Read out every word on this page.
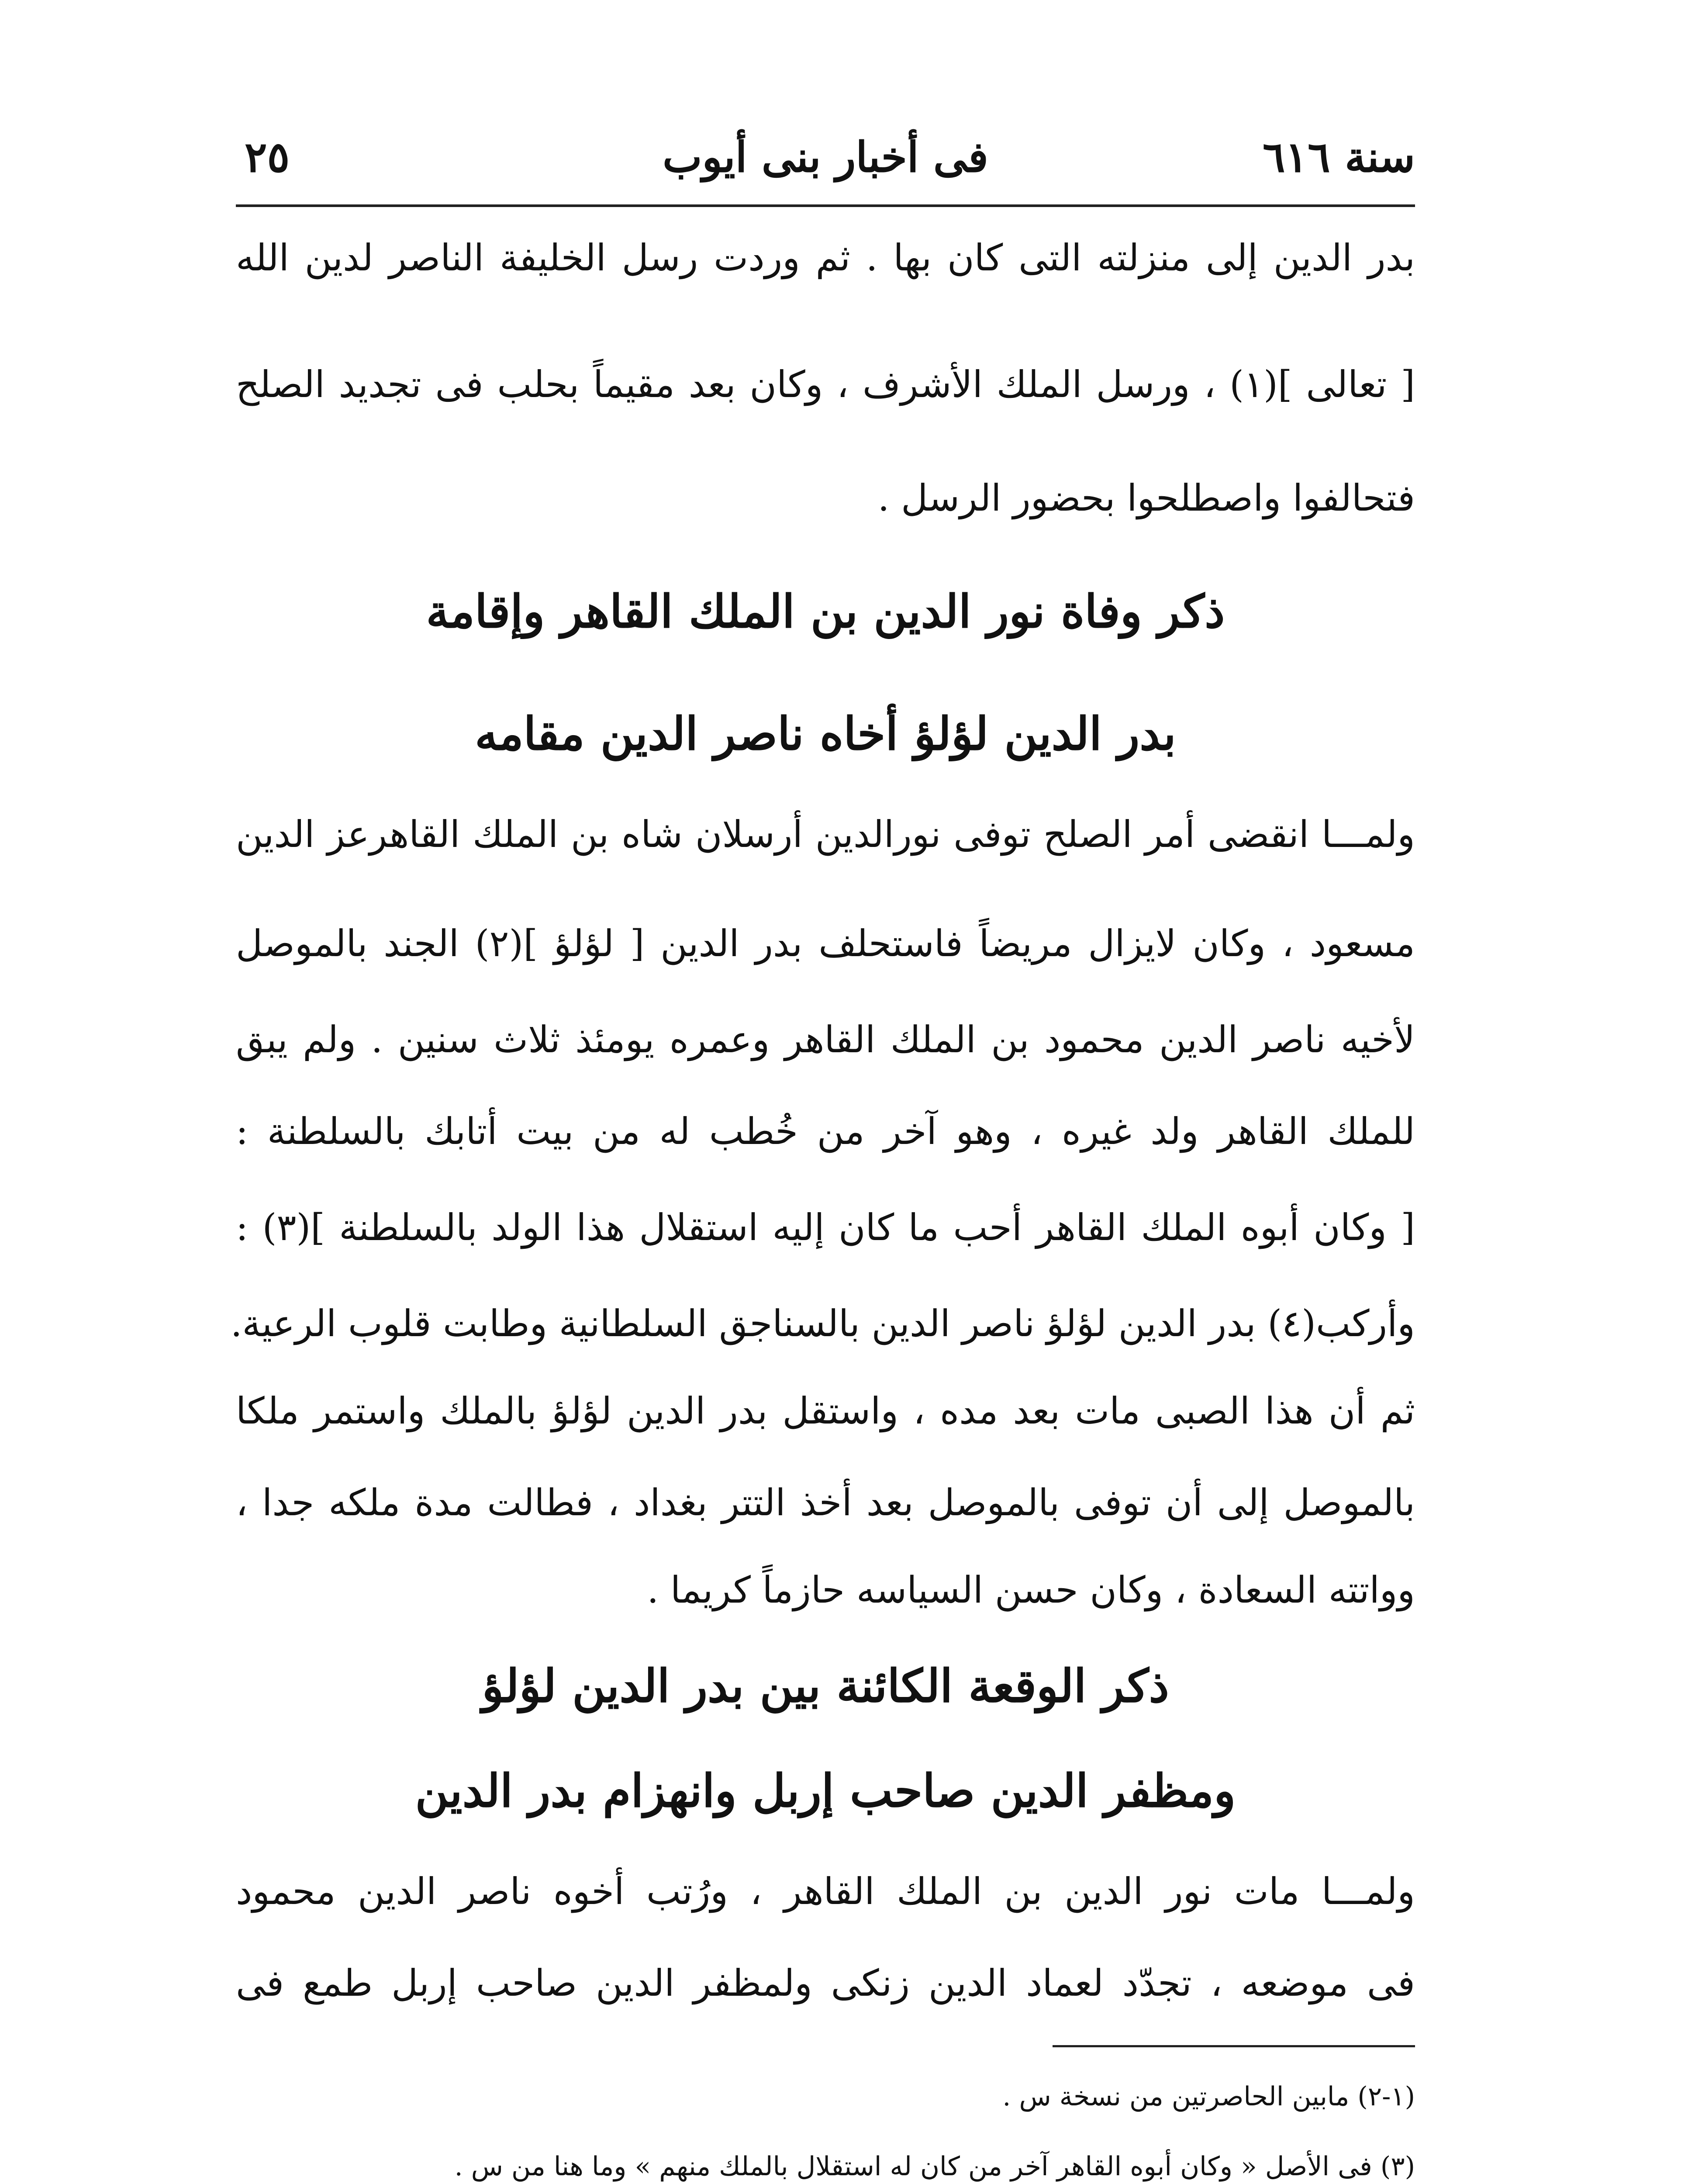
٢٥	فى أخبار بنى أيوب	سنة ٦١٦
بدر الدين إلى منزلته التى كان بها . ثم وردت رسل الخليفة الناصر لدين الله
[ تعالى ](١) ، ورسل الملك الأشرف ، وكان بعد مقيماً بحلب فى تجديد الصلح
فتحالفوا واصطلحوا بحضور الرسل .
ذكر وفاة نور الدين بن الملك القاهر وإقامة
بدر الدين لؤلؤ أخاه ناصر الدين مقامه
ولمـــا انقضى أمر الصلح توفى نورالدين أرسلان شاه بن الملك القاهرعز الدين
مسعود ، وكان لايزال مريضاً فاستحلف بدر الدين [ لؤلؤ ](٢) الجند بالموصل
لأخيه ناصر الدين محمود بن الملك القاهر وعمره يومئذ ثلاث سنين . ولم يبق
للملك القاهر ولد غيره ، وهو آخر من خُطب له من بيت أتابك بالسلطنة :
[ وكان أبوه الملك القاهر أحب ما كان إليه استقلال هذا الولد بالسلطنة ](٣) :
وأركب(٤) بدر الدين لؤلؤ ناصر الدين بالسناجق السلطانية وطابت قلوب الرعية.
ثم أن هذا الصبى مات بعد مده ، واستقل بدر الدين لؤلؤ بالملك واستمر ملكا
بالموصل إلى أن توفى بالموصل بعد أخذ التتر بغداد ، فطالت مدة ملكه جدا ،
وواتته السعادة ، وكان حسن السياسه حازماً كريما .
ذكر الوقعة الكائنة بين بدر الدين لؤلؤ
ومظفر الدين صاحب إربل وانهزام بدر الدين
ولمـــا مات نور الدين بن الملك القاهر ، ورُتب أخوه ناصر الدين محمود
فى موضعه ، تجدّد لعماد الدين زنكى ولمظفر الدين صاحب إربل طمع فى
(١-٢) مابين الحاصرتين من نسخة س .
(٣) فى الأصل « وكان أبوه القاهر آخر من كان له استقلال بالملك منهم » وما هنا من س .
